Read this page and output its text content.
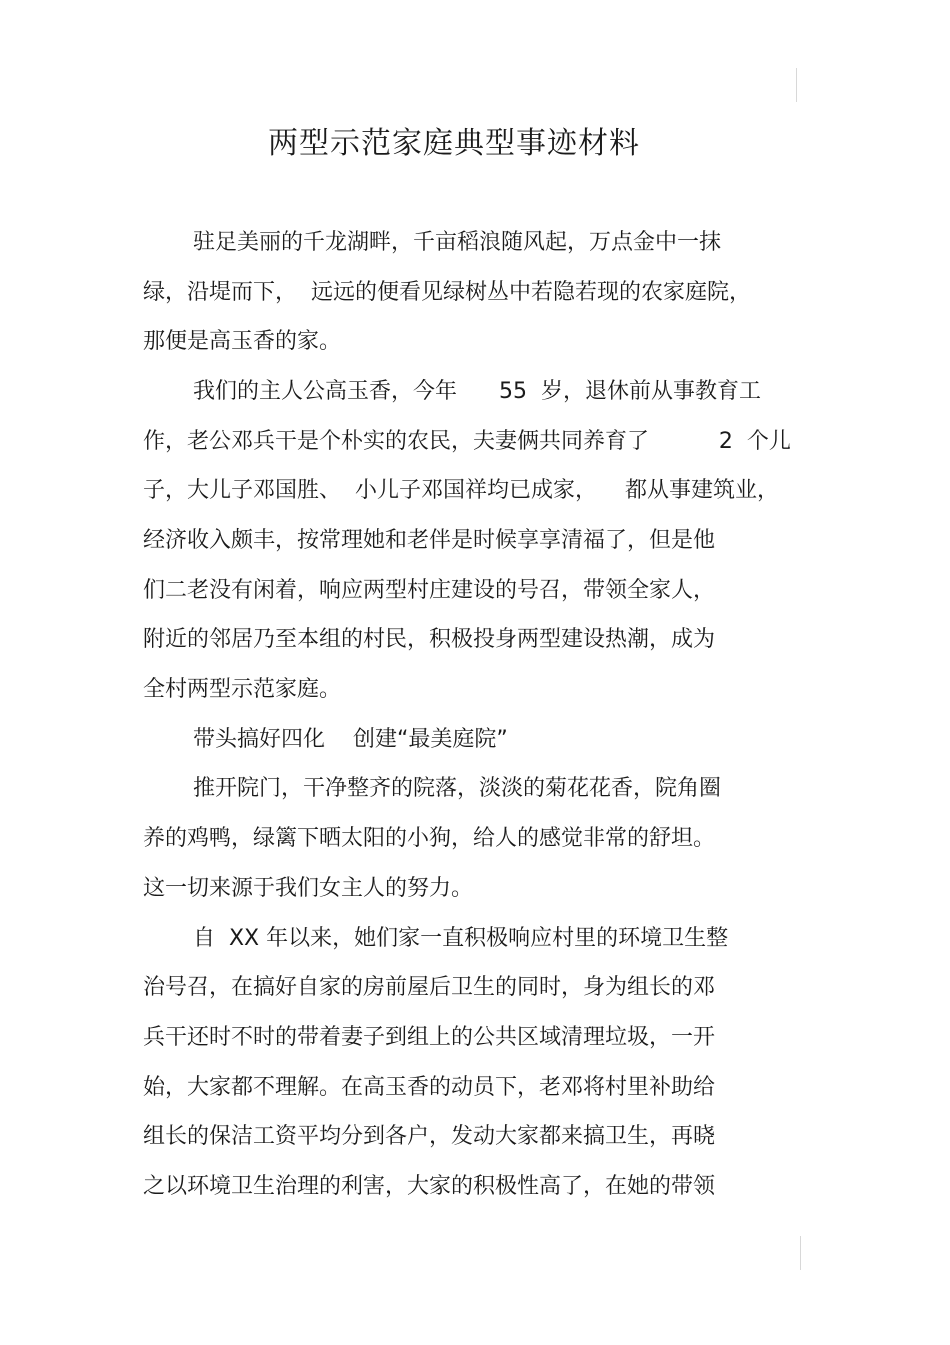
两型示范家庭典型事迹材料
驻足美丽的千龙湖畔，千亩稻浪随风起，万点金中一抹
绿，沿堤而下，  远远的便看见绿树丛中若隐若现的农家庭院，
那便是高玉香的家。
我们的主人公高玉香，今年      55  岁，退休前从事教育工
作，老公邓兵干是个朴实的农民，夫妻俩共同养育了          2  个儿
子，大儿子邓国胜、  小儿子邓国祥均已成家，    都从事建筑业，
经济收入颇丰，按常理她和老伴是时候享享清福了，但是他
们二老没有闲着，响应两型村庄建设的号召，带领全家人，
附近的邻居乃至本组的村民，积极投身两型建设热潮，成为
全村两型示范家庭。
带头搞好四化    创建“最美庭院”
推开院门，干净整齐的院落，淡淡的菊花花香，院角圈
养的鸡鸭，绿篱下晒太阳的小狗，给人的感觉非常的舒坦。
这一切来源于我们女主人的努力。
自  XX 年以来，她们家一直积极响应村里的环境卫生整
治号召，在搞好自家的房前屋后卫生的同时，身为组长的邓
兵干还时不时的带着妻子到组上的公共区域清理垃圾，一开
始，大家都不理解。在高玉香的动员下，老邓将村里补助给
组长的保洁工资平均分到各户，发动大家都来搞卫生，再晓
之以环境卫生治理的利害，大家的积极性高了，在她的带领
